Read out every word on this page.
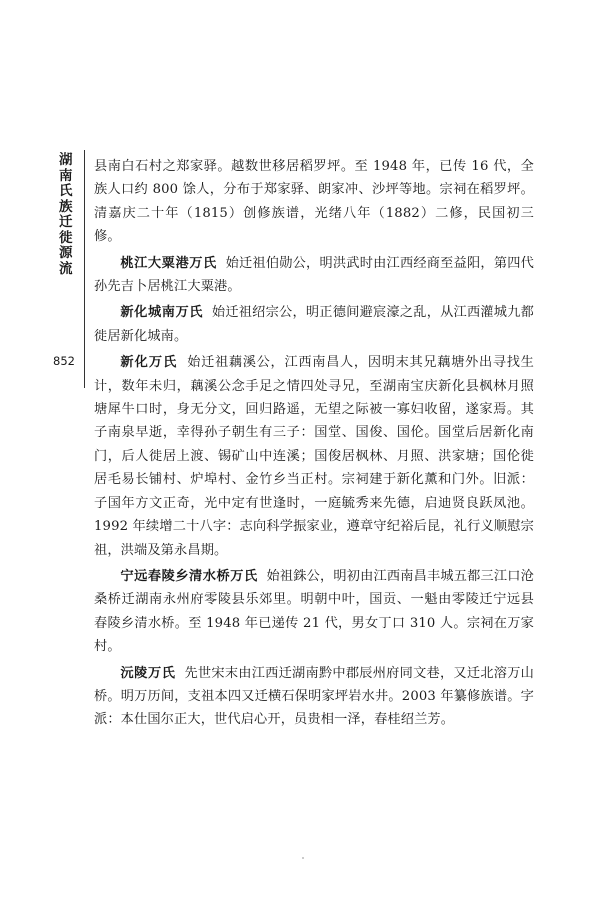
湖南氏族迁徙源流
852

县南白石村之郑家驿。越数世移居稻罗坪。至 1948 年，已传 16 代，全族人口约 800 馀人，分布于郑家驿、朗家冲、沙坪等地。宗祠在稻罗坪。清嘉庆二十年（1815）创修族谱，光绪八年（1882）二修，民国初三修。

桃江大粟港万氏 始迁祖伯勋公，明洪武时由江西经商至益阳，第四代孙先吉卜居桃江大粟港。

新化城南万氏 始迁祖绍宗公，明正德间避宸濠之乱，从江西灌城九都徙居新化城南。

新化万氏 始迁祖藕溪公，江西南昌人，因明末其兄藕塘外出寻找生计，数年未归，藕溪公念手足之情四处寻兄，至湖南宝庆新化县枫林月照塘犀牛口时，身无分文，回归路遥，无望之际被一寡妇收留，遂家焉。其子南泉早逝，幸得孙子朝生有三子：国堂、国俊、国伦。国堂后居新化南门，后人徙居上渡、锡矿山中连溪；国俊居枫林、月照、洪家塘；国伦徙居毛易长铺村、炉埠村、金竹乡当正村。宗祠建于新化薰和门外。旧派：子国年方文正奇，光中定有世逢时，一庭毓秀来先德，启迪贤良跃凤池。1992 年续增二十八字：志向科学振家业，遵章守纪裕后昆，礼行义顺慰宗祖，洪端及第永昌期。

宁远春陵乡清水桥万氏 始祖銖公，明初由江西南昌丰城五都三江口沧桑桥迁湖南永州府零陵县乐郊里。明朝中叶，国贡、一魁由零陵迁宁远县春陵乡清水桥。至 1948 年已递传 21 代，男女丁口 310 人。宗祠在万家村。

沅陵万氏 先世宋末由江西迁湖南黔中郡辰州府同文巷，又迁北溶万山桥。明万历间，支祖本四又迁横石保明家坪岩水井。2003 年纂修族谱。字派：本仕国尔正大，世代启心开，员贵相一泽，春桂绍兰芳。
